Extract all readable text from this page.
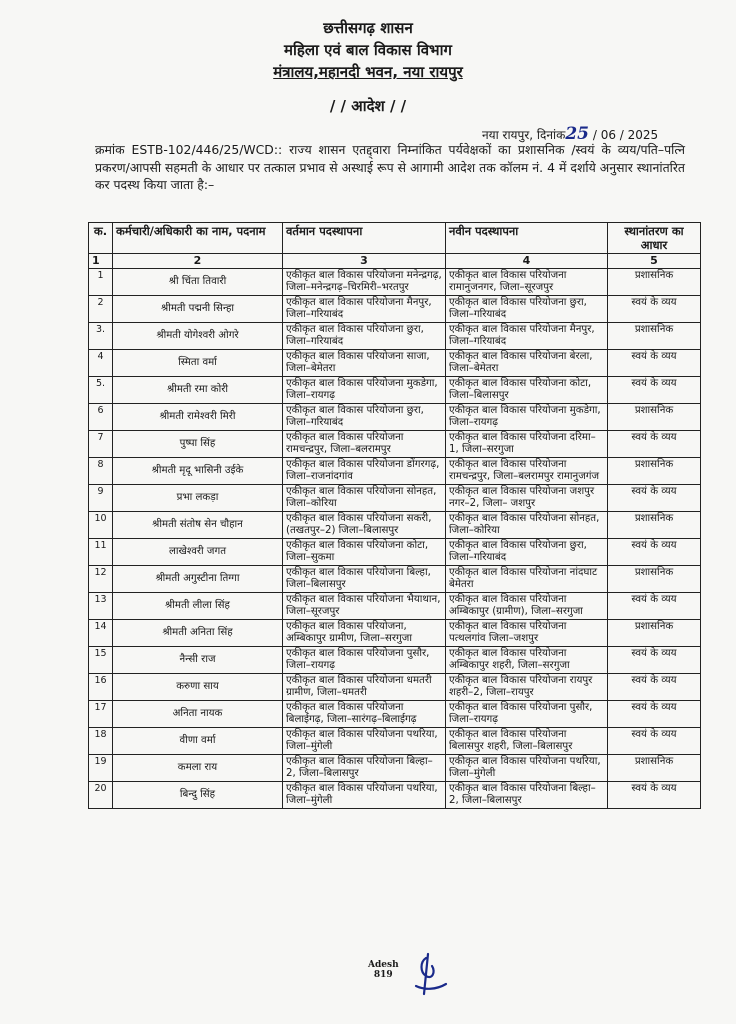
छत्तीसगढ़ शासन
महिला एवं बाल विकास विभाग
मंत्रालय,महानदी भवन, नया रायपुर
/ / आदेश / /
नया रायपुर, दिनांक25 / 06 / 2025
क्रमांक ESTB-102/446/25/WCD:: राज्य शासन एतद्द्वारा निम्नांकित पर्यवेक्षकों का प्रशासनिक /स्वयं के व्यय/पति–पत्नि प्रकरण/आपसी सहमती के आधार पर तत्काल प्रभाव से अस्थाई रूप से आगामी आदेश तक कॉलम नं. 4 में दर्शाये अनुसार स्थानांतरित कर पदस्थ किया जाता है:–
क.	कर्मचारी/अधिकारी का नाम, पदनाम	वर्तमान पदस्थापना	नवीन पदस्थापना	स्थानांतरण का आधार
1	2	3	4	5
1	श्री चिंता तिवारी	एकीकृत बाल विकास परियोजना मनेन्द्रगढ़, जिला–मनेन्द्रगढ़–चिरमिरी–भरतपुर	एकीकृत बाल विकास परियोजना रामानुजनगर, जिला–सूरजपुर	प्रशासनिक
2	श्रीमती पद्मनी सिन्हा	एकीकृत बाल विकास परियोजना मैनपुर, जिला–गरियाबंद	एकीकृत बाल विकास परियोजना छुरा, जिला–गरियाबंद	स्वयं के व्यय
3.	श्रीमती योगेश्वरी ओगरे	एकीकृत बाल विकास परियोजना छुरा, जिला–गरियाबंद	एकीकृत बाल विकास परियोजना मैनपुर, जिला–गरियाबंद	प्रशासनिक
4	स्मिता वर्मा	एकीकृत बाल विकास परियोजना साजा, जिला–बेमेतरा	एकीकृत बाल विकास परियोजना बेरला, जिला–बेमेतरा	स्वयं के व्यय
5.	श्रीमती रमा कोरी	एकीकृत बाल विकास परियोजना मुकडेगा, जिला–रायगढ़	एकीकृत बाल विकास परियोजना कोटा, जिला–बिलासपुर	स्वयं के व्यय
6	श्रीमती रामेश्वरी मिरी	एकीकृत बाल विकास परियोजना छुरा, जिला–गरियाबंद	एकीकृत बाल विकास परियोजना मुकडेगा, जिला–रायगढ़	प्रशासनिक
7	पुष्पा सिंह	एकीकृत बाल विकास परियोजना रामचन्द्रपुर, जिला–बलरामपुर	एकीकृत बाल विकास परियोजना दरिमा–1, जिला–सरगुजा	स्वयं के व्यय
8	श्रीमती मृदू भासिनी उईके	एकीकृत बाल विकास परियोजना डोंगरगढ़, जिला–राजनांदगांव	एकीकृत बाल विकास परियोजना रामचन्द्रपुर, जिला–बलरामपुर रामानुजगंज	प्रशासनिक
9	प्रभा लकड़ा	एकीकृत बाल विकास परियोजना सोनहत, जिला–कोरिया	एकीकृत बाल विकास परियोजना जशपुर नगर–2, जिला– जशपुर	स्वयं के व्यय
10	श्रीमती संतोष सेन चौहान	एकीकृत बाल विकास परियोजना सकरी, (तखतपुर–2) जिला–बिलासपुर	एकीकृत बाल विकास परियोजना सोनहत, जिला–कोरिया	प्रशासनिक
11	लाखेश्वरी जगत	एकीकृत बाल विकास परियोजना कोटा, जिला–सुकमा	एकीकृत बाल विकास परियोजना छुरा, जिला–गरियाबंद	स्वयं के व्यय
12	श्रीमती अगुस्टीना तिग्गा	एकीकृत बाल विकास परियोजना बिल्हा, जिला–बिलासपुर	एकीकृत बाल विकास परियोजना नांदघाट बेमेतरा	प्रशासनिक
13	श्रीमती लीला सिंह	एकीकृत बाल विकास परियोजना भैयाथान, जिला–सूरजपुर	एकीकृत बाल विकास परियोजना अम्बिकापुर (ग्रामीण), जिला–सरगुजा	स्वयं के व्यय
14	श्रीमती अनिता सिंह	एकीकृत बाल विकास परियोजना, अम्बिकापुर ग्रामीण, जिला–सरगुजा	एकीकृत बाल विकास परियोजना पत्थलगांव जिला–जशपुर	प्रशासनिक
15	नैन्सी राज	एकीकृत बाल विकास परियोजना पुसौर, जिला–रायगढ़	एकीकृत बाल विकास परियोजना अम्बिकापुर शहरी, जिला–सरगुजा	स्वयं के व्यय
16	करुणा साय	एकीकृत बाल विकास परियोजना धमतरी ग्रामीण, जिला–धमतरी	एकीकृत बाल विकास परियोजना रायपुर शहरी–2, जिला–रायपुर	स्वयं के व्यय
17	अनिता नायक	एकीकृत बाल विकास परियोजना बिलाईगढ़, जिला–सारंगढ़–बिलाईगढ़	एकीकृत बाल विकास परियोजना पुसौर, जिला–रायगढ़	स्वयं के व्यय
18	वीणा वर्मा	एकीकृत बाल विकास परियोजना पथरिया, जिला–मुंगेली	एकीकृत बाल विकास परियोजना बिलासपुर शहरी, जिला–बिलासपुर	स्वयं के व्यय
19	कमला राय	एकीकृत बाल विकास परियोजना बिल्हा–2, जिला–बिलासपुर	एकीकृत बाल विकास परियोजना पथरिया, जिला–मुंगेली	प्रशासनिक
20	बिन्दु सिंह	एकीकृत बाल विकास परियोजना पथरिया, जिला–मुंगेली	एकीकृत बाल विकास परियोजना बिल्हा–2, जिला–बिलासपुर	स्वयं के व्यय
Adesh
819
